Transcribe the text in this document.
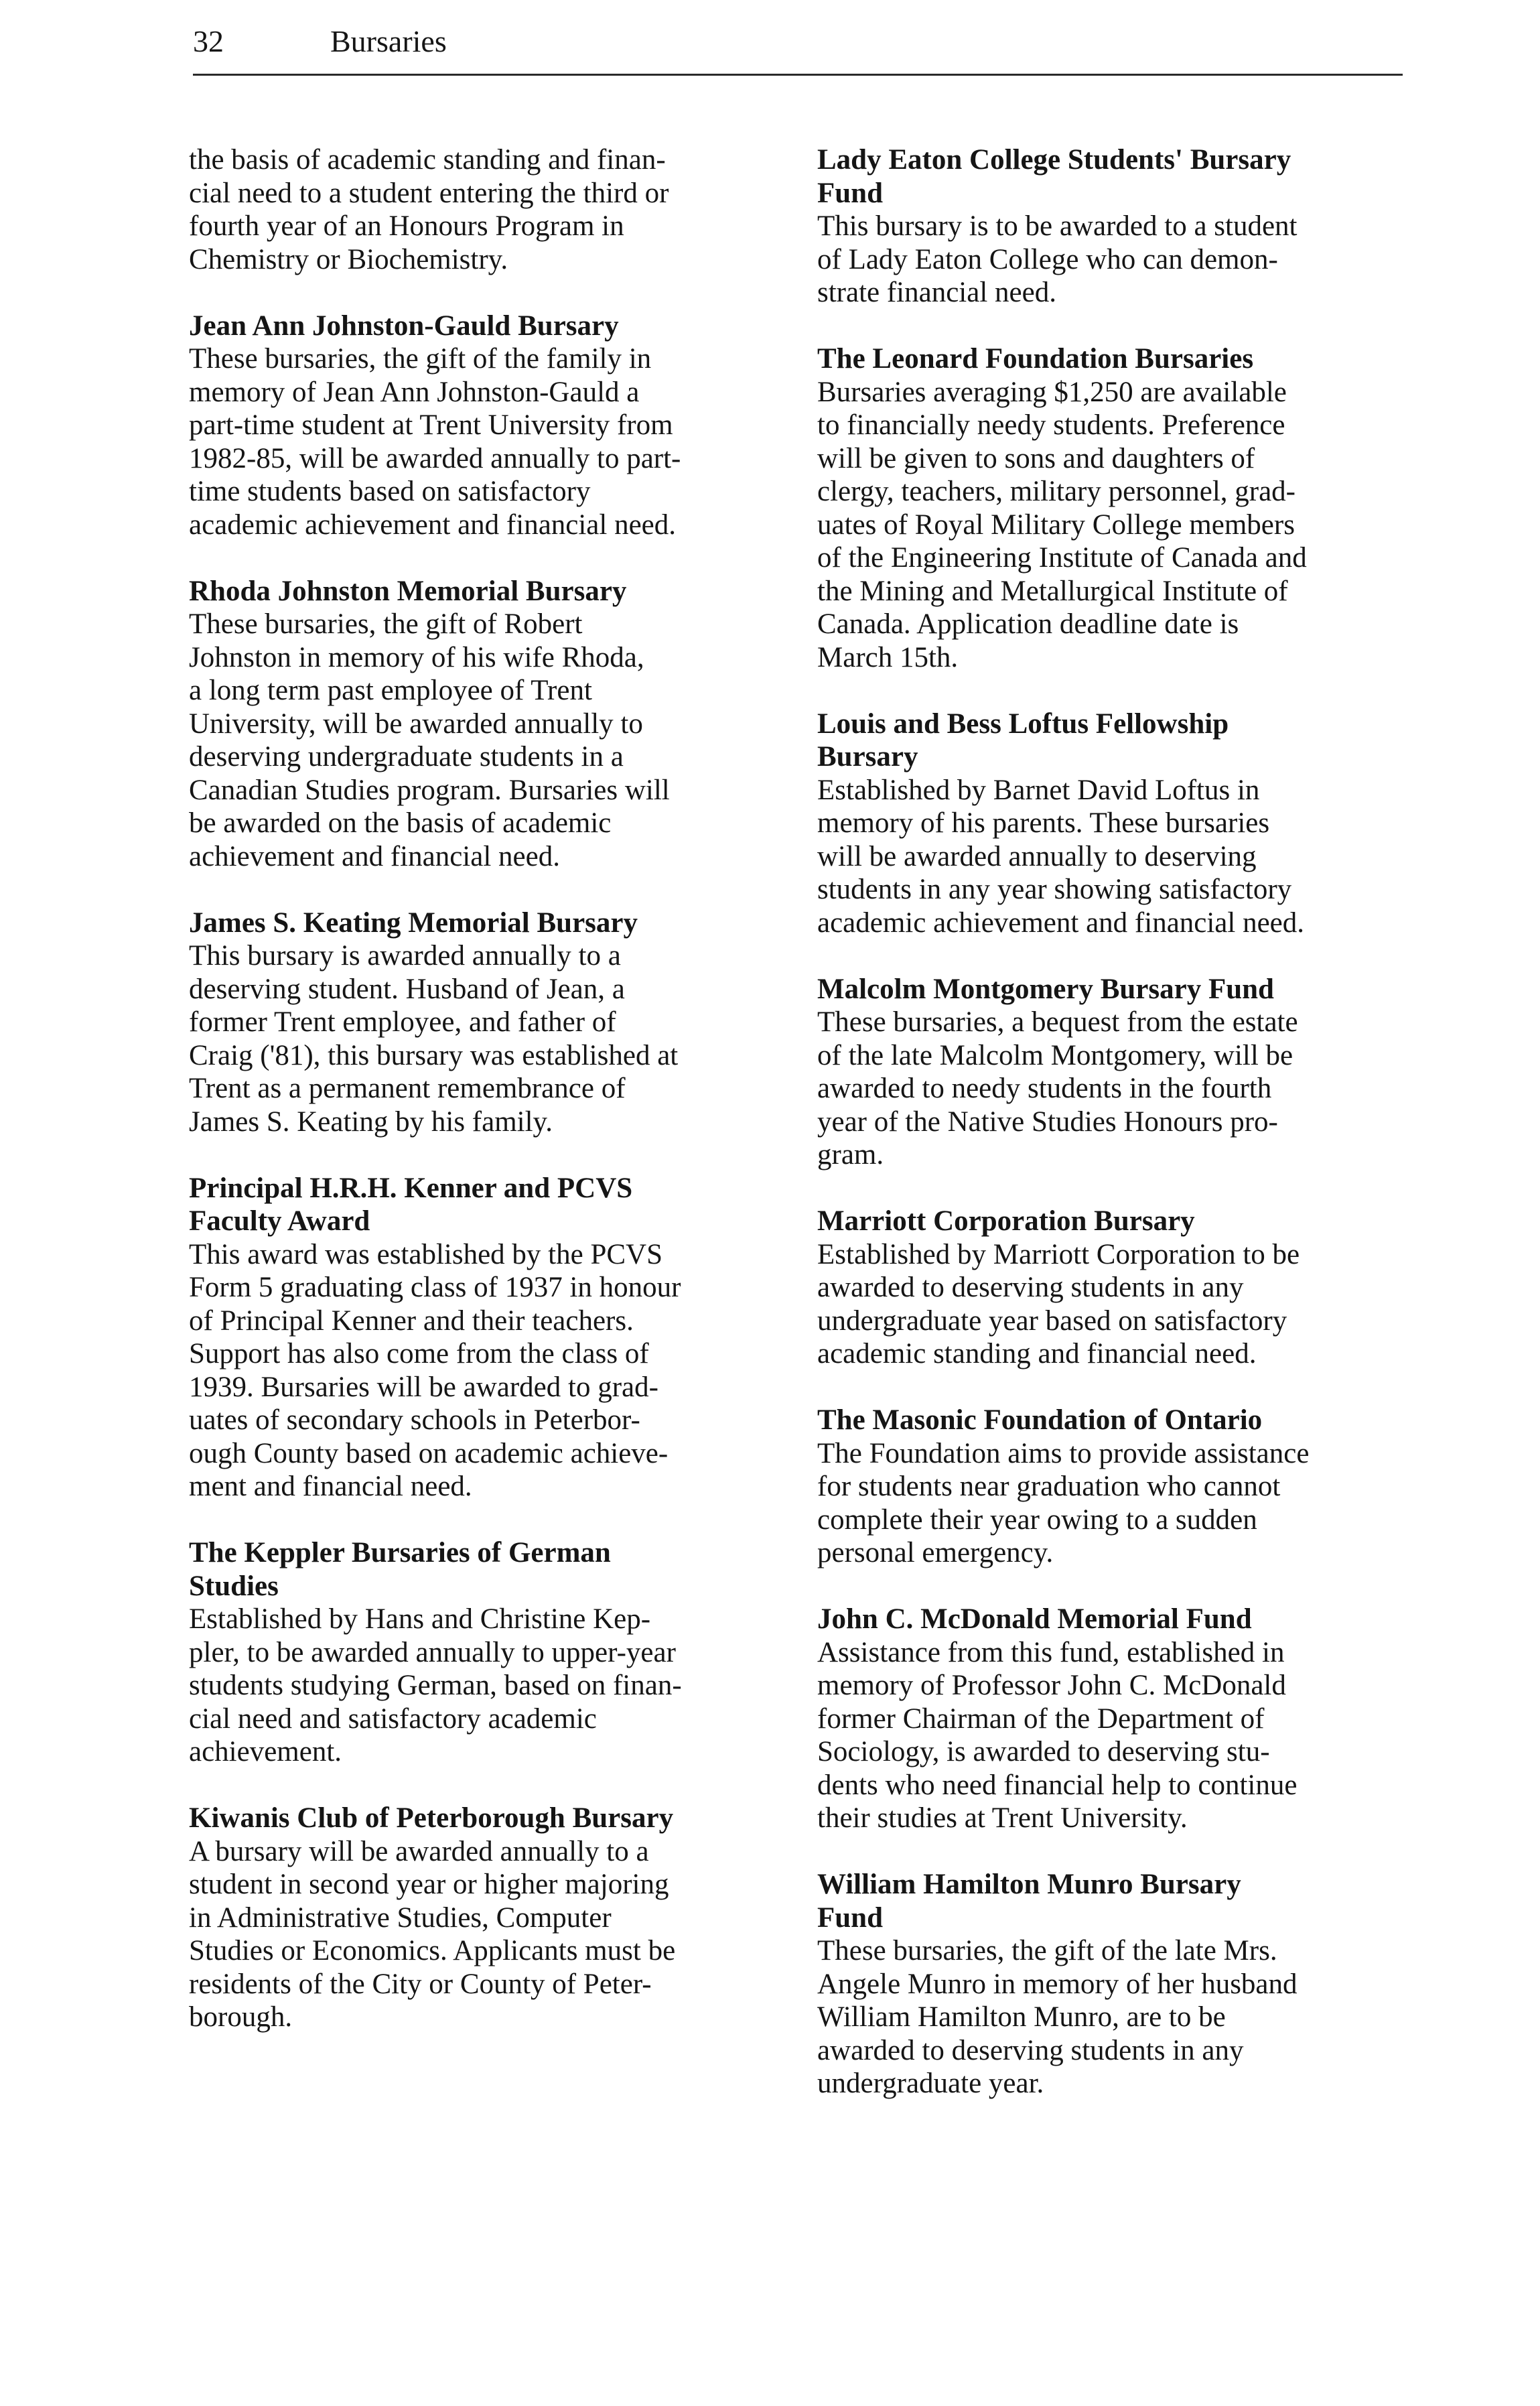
32	Bursaries

the basis of academic standing and finan-
cial need to a student entering the third or
fourth year of an Honours Program in
Chemistry or Biochemistry.

Jean Ann Johnston-Gauld Bursary

These bursaries, the gift of the family in
memory of Jean Ann Johnston-Gauld a
part-time student at Trent University from
1982-85, will be awarded annually to part-
time students based on satisfactory
academic achievement and financial need.

Rhoda Johnston Memorial Bursary

These bursaries, the gift of Robert
Johnston in memory of his wife Rhoda,
a long term past employee of Trent
University, will be awarded annually to
deserving undergraduate students in a
Canadian Studies program. Bursaries will
be awarded on the basis of academic
achievement and financial need.

James S. Keating Memorial Bursary

This bursary is awarded annually to a
deserving student. Husband of Jean, a
former Trent employee, and father of
Craig ('81), this bursary was established at
Trent as a permanent remembrance of
James S. Keating by his family.

Principal H.R.H. Kenner and PCVS
Faculty Award

This award was established by the PCVS
Form 5 graduating class of 1937 in honour
of Principal Kenner and their teachers.
Support has also come from the class of
1939. Bursaries will be awarded to grad-
uates of secondary schools in Peterbor-
ough County based on academic achieve-
ment and financial need.

The Keppler Bursaries of German
Studies

Established by Hans and Christine Kep-
pler, to be awarded annually to upper-year
students studying German, based on finan-
cial need and satisfactory academic
achievement.

Kiwanis Club of Peterborough Bursary

A bursary will be awarded annually to a
student in second year or higher majoring
in Administrative Studies, Computer
Studies or Economics. Applicants must be
residents of the City or County of Peter-
borough.

Lady Eaton College Students' Bursary
Fund

This bursary is to be awarded to a student
of Lady Eaton College who can demon-
strate financial need.

The Leonard Foundation Bursaries

Bursaries averaging $1,250 are available
to financially needy students. Preference
will be given to sons and daughters of
clergy, teachers, military personnel, grad-
uates of Royal Military College members
of the Engineering Institute of Canada and
the Mining and Metallurgical Institute of
Canada. Application deadline date is
March 15th.

Louis and Bess Loftus Fellowship
Bursary

Established by Barnet David Loftus in
memory of his parents. These bursaries
will be awarded annually to deserving
students in any year showing satisfactory
academic achievement and financial need.

Malcolm Montgomery Bursary Fund

These bursaries, a bequest from the estate
of the late Malcolm Montgomery, will be
awarded to needy students in the fourth
year of the Native Studies Honours pro-
gram.

Marriott Corporation Bursary

Established by Marriott Corporation to be
awarded to deserving students in any
undergraduate year based on satisfactory
academic standing and financial need.

The Masonic Foundation of Ontario

The Foundation aims to provide assistance
for students near graduation who cannot
complete their year owing to a sudden
personal emergency.

John C. McDonald Memorial Fund

Assistance from this fund, established in
memory of Professor John C. McDonald
former Chairman of the Department of
Sociology, is awarded to deserving stu-
dents who need financial help to continue
their studies at Trent University.

William Hamilton Munro Bursary
Fund

These bursaries, the gift of the late Mrs.
Angele Munro in memory of her husband
William Hamilton Munro, are to be
awarded to deserving students in any
undergraduate year.
